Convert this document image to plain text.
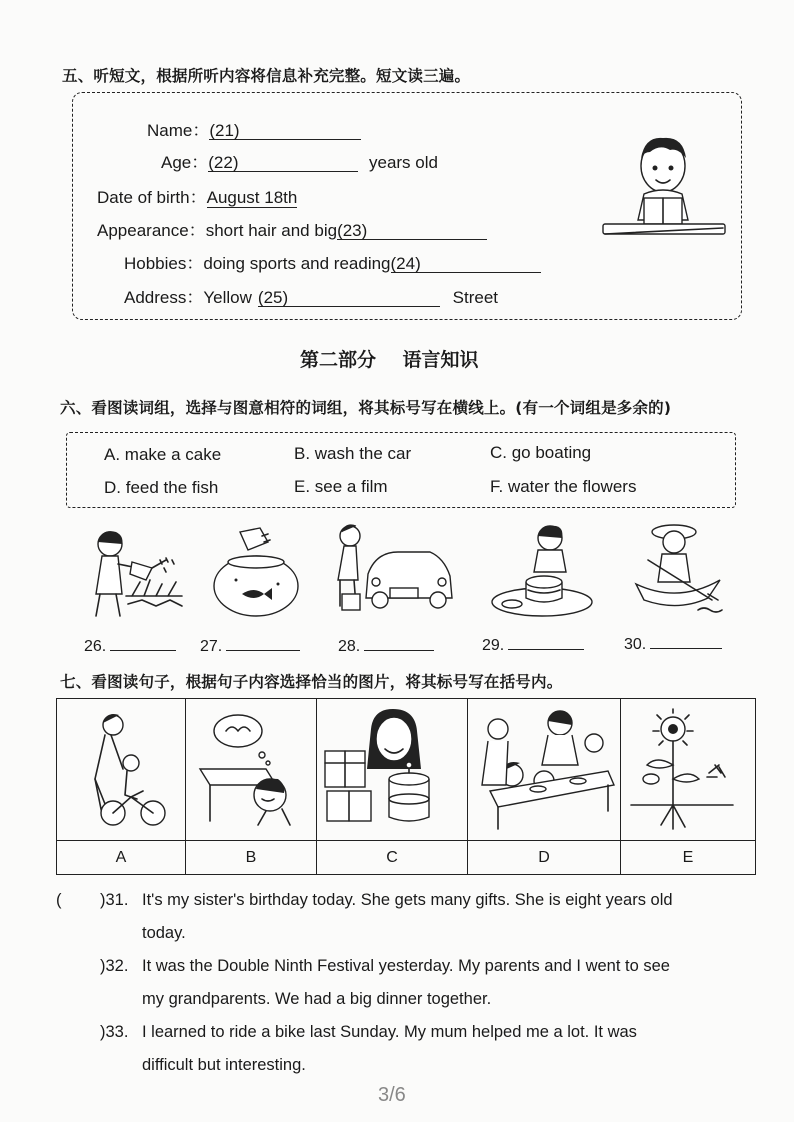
五、听短文，根据所听内容将信息补充完整。短文读三遍。
Name：(21)
Age：(22)	years old
Date of birth：August 18th
Appearance：short hair and big(23)
Hobbies：doing sports and reading(24)
Address：Yellow (25)	Street
第二部分    语言知识
六、看图读词组，选择与图意相符的词组，将其标号写在横线上。(有一个词组是多余的)
A. make a cake	B. wash the car	C. go boating
D. feed the fish	E. see a film	F. water the flowers
26.	27.	28.	29.	30.
七、看图读句子，根据句子内容选择恰当的图片，将其标号写在括号内。

A	B	C	D	E
( )31. It's my sister's birthday today. She gets many gifts. She is eight years old
today.
)32. It was the Double Ninth Festival yesterday. My parents and I went to see
my grandparents. We had a big dinner together.
)33. I learned to ride a bike last Sunday. My mum helped me a lot. It was
difficult but interesting.
3/6
